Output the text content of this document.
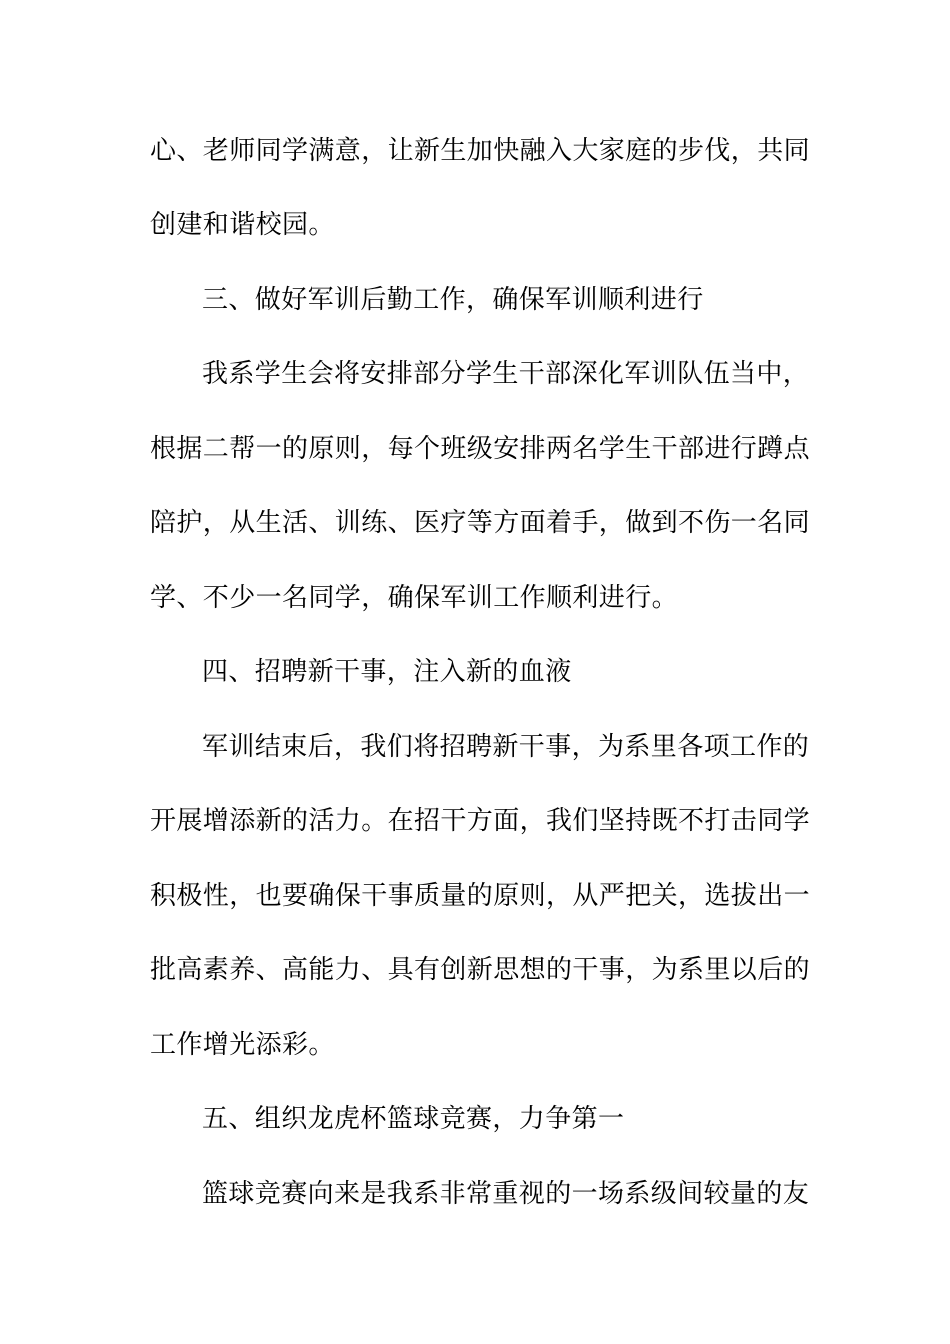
心、老师同学满意，让新生加快融入大家庭的步伐，共同
创建和谐校园。
三、做好军训后勤工作，确保军训顺利进行
我系学生会将安排部分学生干部深化军训队伍当中，
根据二帮一的原则，每个班级安排两名学生干部进行蹲点
陪护，从生活、训练、医疗等方面着手，做到不伤一名同
学、不少一名同学，确保军训工作顺利进行。
四、招聘新干事，注入新的血液
军训结束后，我们将招聘新干事，为系里各项工作的
开展增添新的活力。在招干方面，我们坚持既不打击同学
积极性，也要确保干事质量的原则，从严把关，选拔出一
批高素养、高能力、具有创新思想的干事，为系里以后的
工作增光添彩。
五、组织龙虎杯篮球竞赛，力争第一
篮球竞赛向来是我系非常重视的一场系级间较量的友
